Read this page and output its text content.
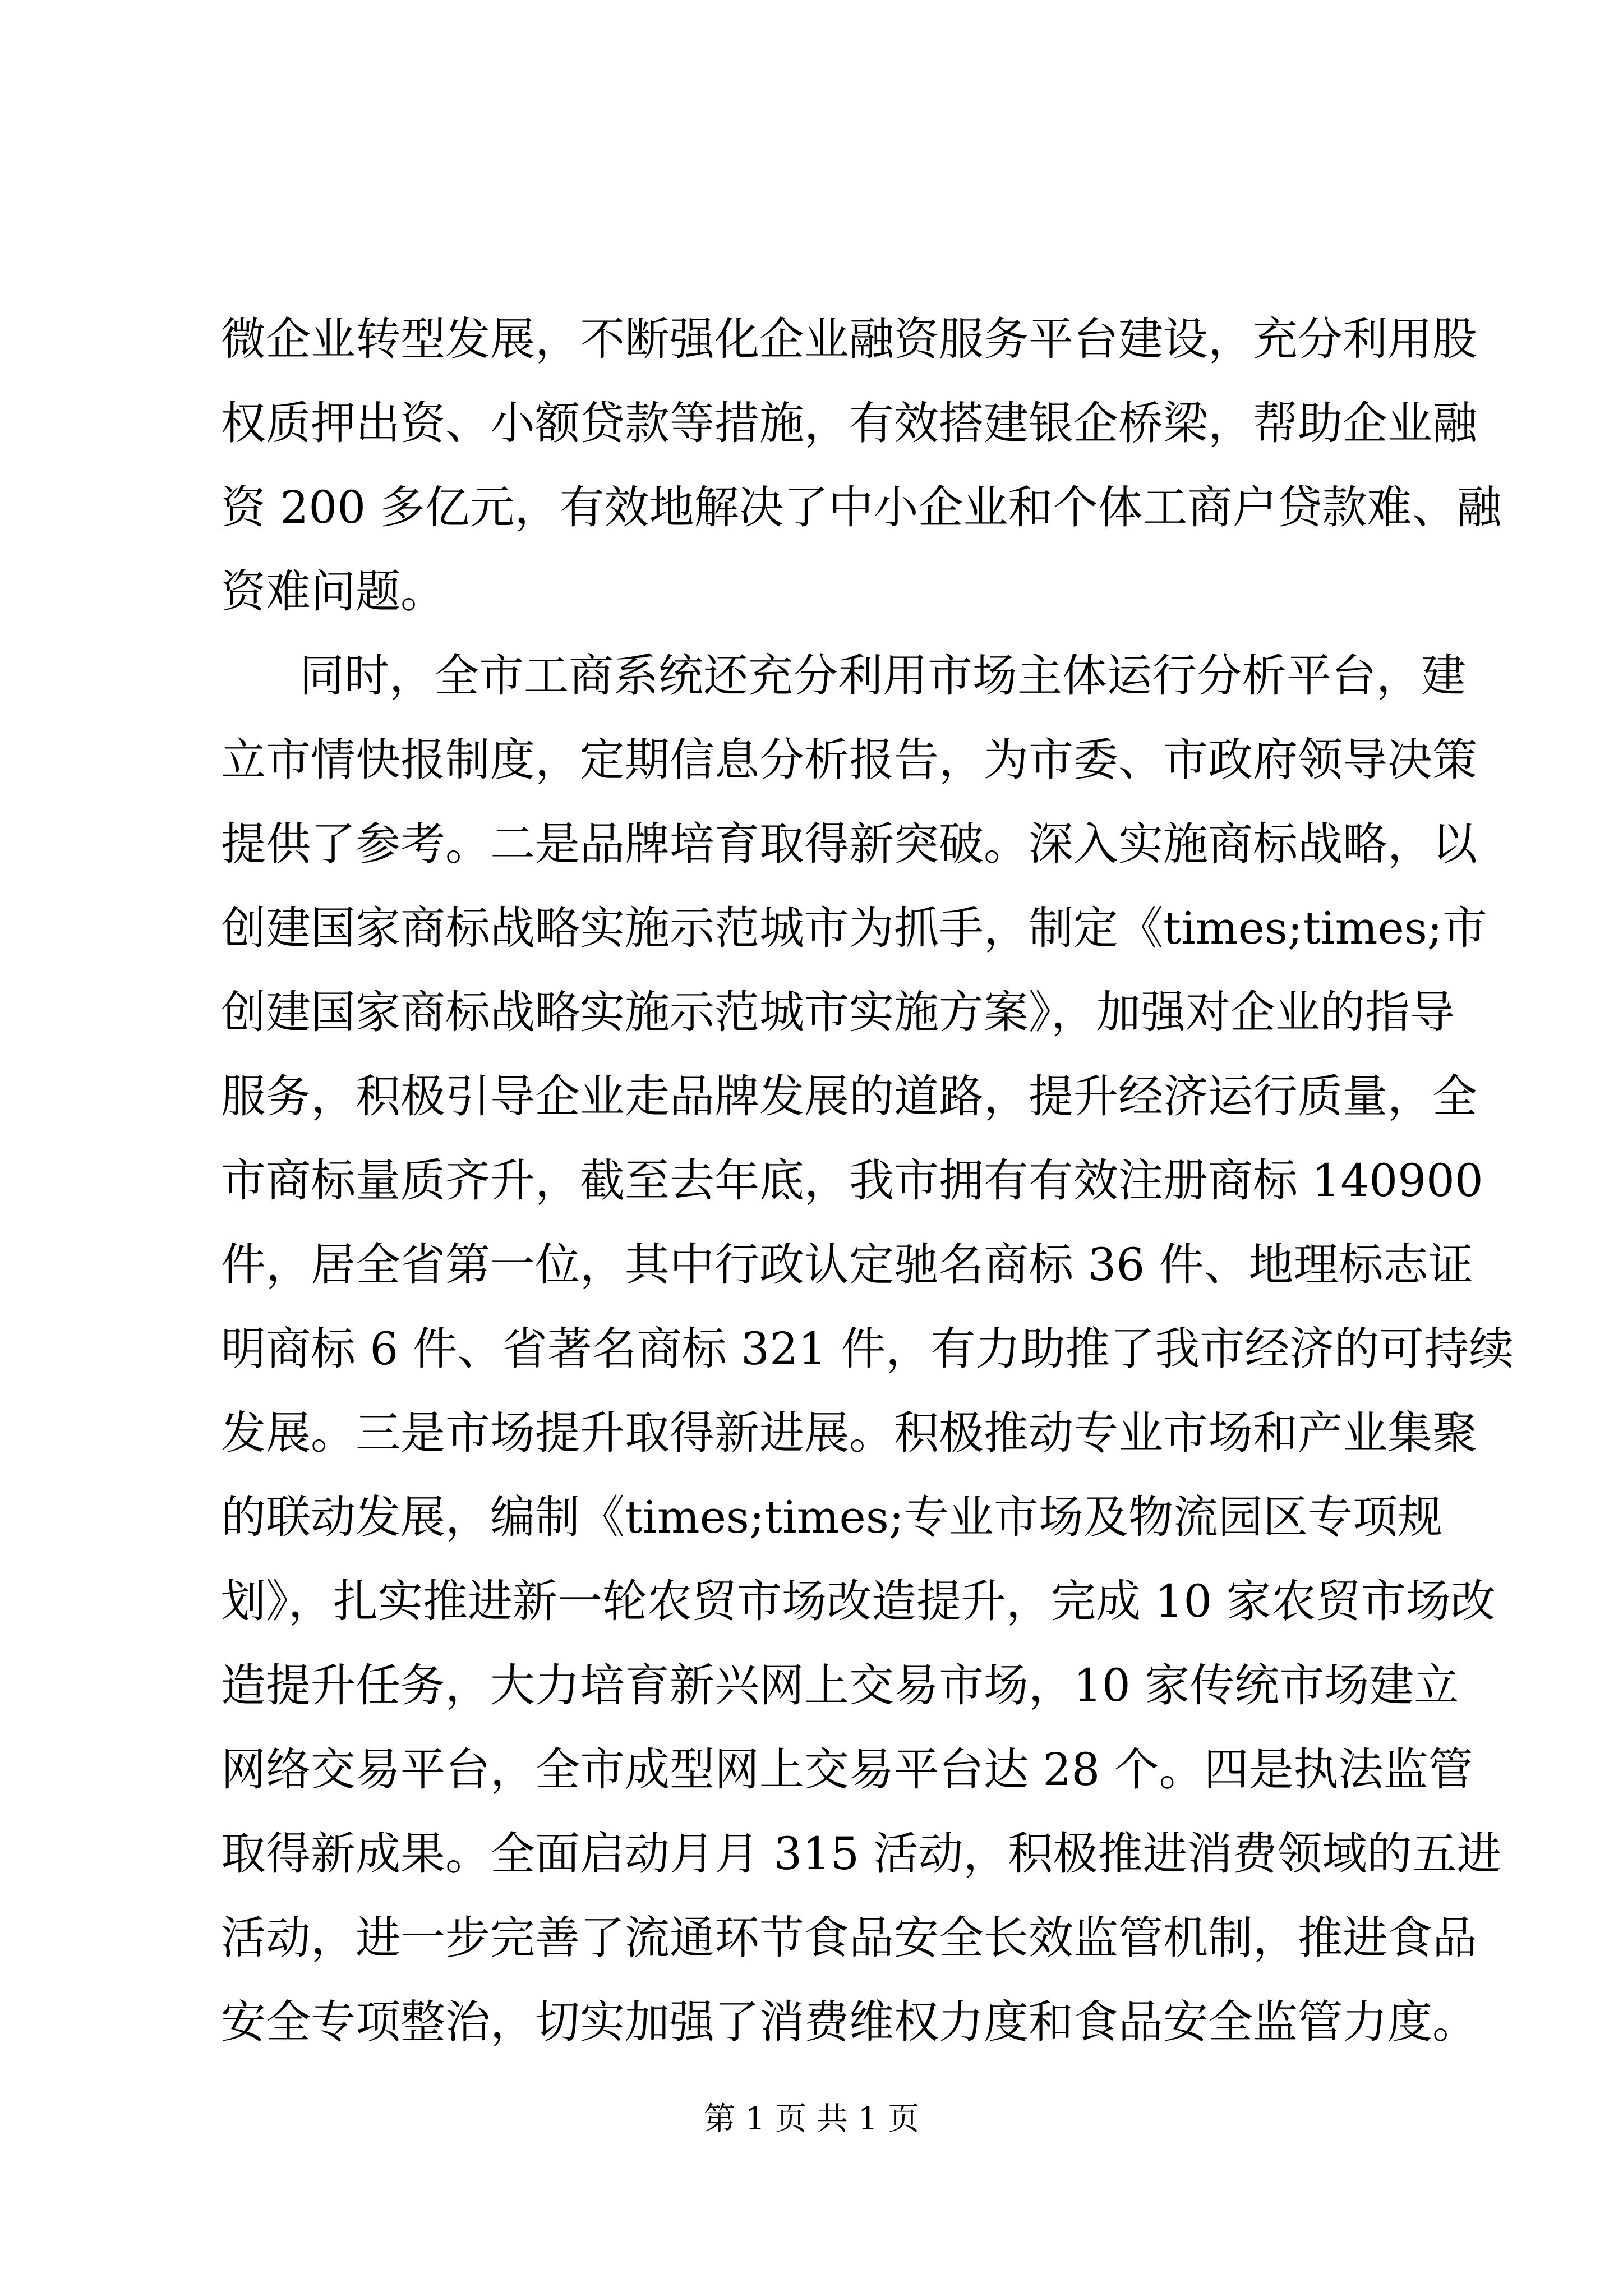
微企业转型发展，不断强化企业融资服务平台建设，充分利用股
权质押出资、小额贷款等措施，有效搭建银企桥梁，帮助企业融
资 200 多亿元，有效地解决了中小企业和个体工商户贷款难、融
资难问题。
同时，全市工商系统还充分利用市场主体运行分析平台，建
立市情快报制度，定期信息分析报告，为市委、市政府领导决策
提供了参考。二是品牌培育取得新突破。深入实施商标战略，以
创建国家商标战略实施示范城市为抓手，制定《times;times;市
创建国家商标战略实施示范城市实施方案》，加强对企业的指导
服务，积极引导企业走品牌发展的道路，提升经济运行质量，全
市商标量质齐升，截至去年底，我市拥有有效注册商标 140900
件，居全省第一位，其中行政认定驰名商标 36 件、地理标志证
明商标 6 件、省著名商标 321 件，有力助推了我市经济的可持续
发展。三是市场提升取得新进展。积极推动专业市场和产业集聚
的联动发展，编制《times;times;专业市场及物流园区专项规
划》，扎实推进新一轮农贸市场改造提升，完成 10 家农贸市场改
造提升任务，大力培育新兴网上交易市场，10 家传统市场建立
网络交易平台，全市成型网上交易平台达 28 个。四是执法监管
取得新成果。全面启动月月 315 活动，积极推进消费领域的五进
活动，进一步完善了流通环节食品安全长效监管机制，推进食品
安全专项整治，切实加强了消费维权力度和食品安全监管力度。
第 1 页 共 1 页
